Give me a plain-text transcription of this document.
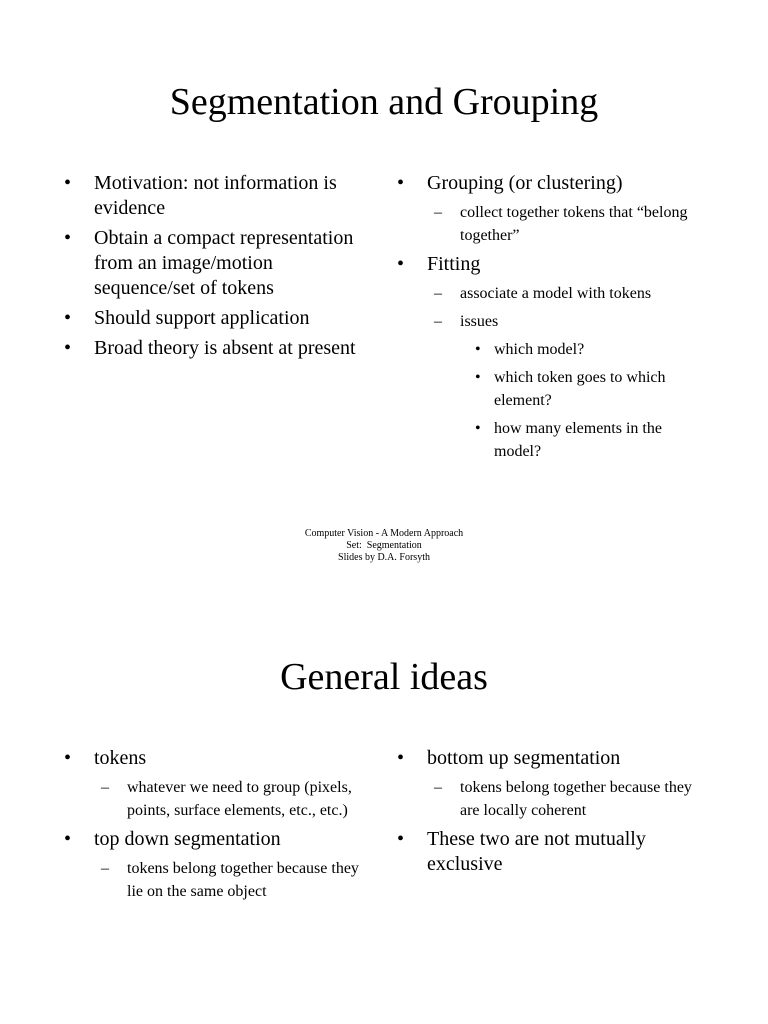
Segmentation and Grouping
• Motivation: not information is evidence
• Obtain a compact representation from an image/motion sequence/set of tokens
• Should support application
• Broad theory is absent at present
• Grouping (or clustering)
– collect together tokens that “belong together”
• Fitting
– associate a model with tokens
– issues
• which model?
• which token goes to which element?
• how many elements in the model?
Computer Vision - A Modern Approach
Set:  Segmentation
Slides by D.A. Forsyth
General ideas
• tokens
– whatever we need to group (pixels, points, surface elements, etc., etc.)
• top down segmentation
– tokens belong together because they lie on the same object
• bottom up segmentation
– tokens belong together because they are locally coherent
• These two are not mutually exclusive
